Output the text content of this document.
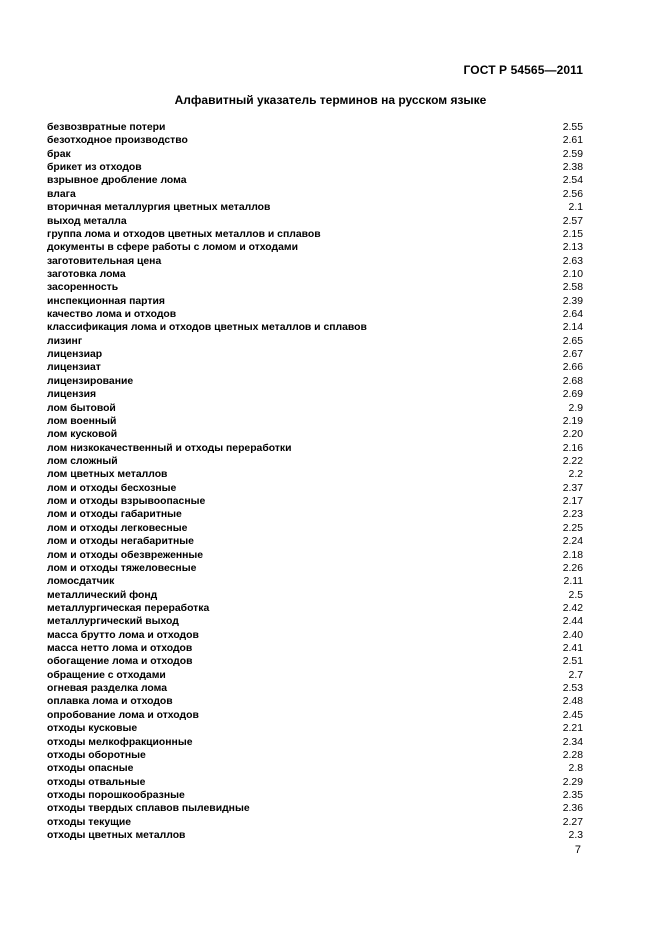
ГОСТ Р 54565—2011
Алфавитный указатель терминов на русском языке
безвозвратные потери	2.55
безотходное производство	2.61
брак	2.59
брикет из отходов	2.38
взрывное дробление лома	2.54
влага	2.56
вторичная металлургия цветных металлов	2.1
выход металла	2.57
группа лома и отходов цветных металлов и сплавов	2.15
документы в сфере работы с ломом и отходами	2.13
заготовительная цена	2.63
заготовка лома	2.10
засоренность	2.58
инспекционная партия	2.39
качество лома и отходов	2.64
классификация лома и отходов цветных металлов и сплавов	2.14
лизинг	2.65
лицензиар	2.67
лицензиат	2.66
лицензирование	2.68
лицензия	2.69
лом бытовой	2.9
лом военный	2.19
лом кусковой	2.20
лом низкокачественный и отходы переработки	2.16
лом сложный	2.22
лом цветных металлов	2.2
лом и отходы бесхозные	2.37
лом и отходы взрывоопасные	2.17
лом и отходы габаритные	2.23
лом и отходы легковесные	2.25
лом и отходы негабаритные	2.24
лом и отходы обезвреженные	2.18
лом и отходы тяжеловесные	2.26
ломосдатчик	2.11
металлический фонд	2.5
металлургическая переработка	2.42
металлургический выход	2.44
масса брутто лома и отходов	2.40
масса нетто лома и отходов	2.41
обогащение лома и отходов	2.51
обращение с отходами	2.7
огневая разделка лома	2.53
оплавка лома и отходов	2.48
опробование лома и отходов	2.45
отходы кусковые	2.21
отходы мелкофракционные	2.34
отходы оборотные	2.28
отходы опасные	2.8
отходы отвальные	2.29
отходы порошкообразные	2.35
отходы твердых сплавов пылевидные	2.36
отходы текущие	2.27
отходы цветных металлов	2.3
7
